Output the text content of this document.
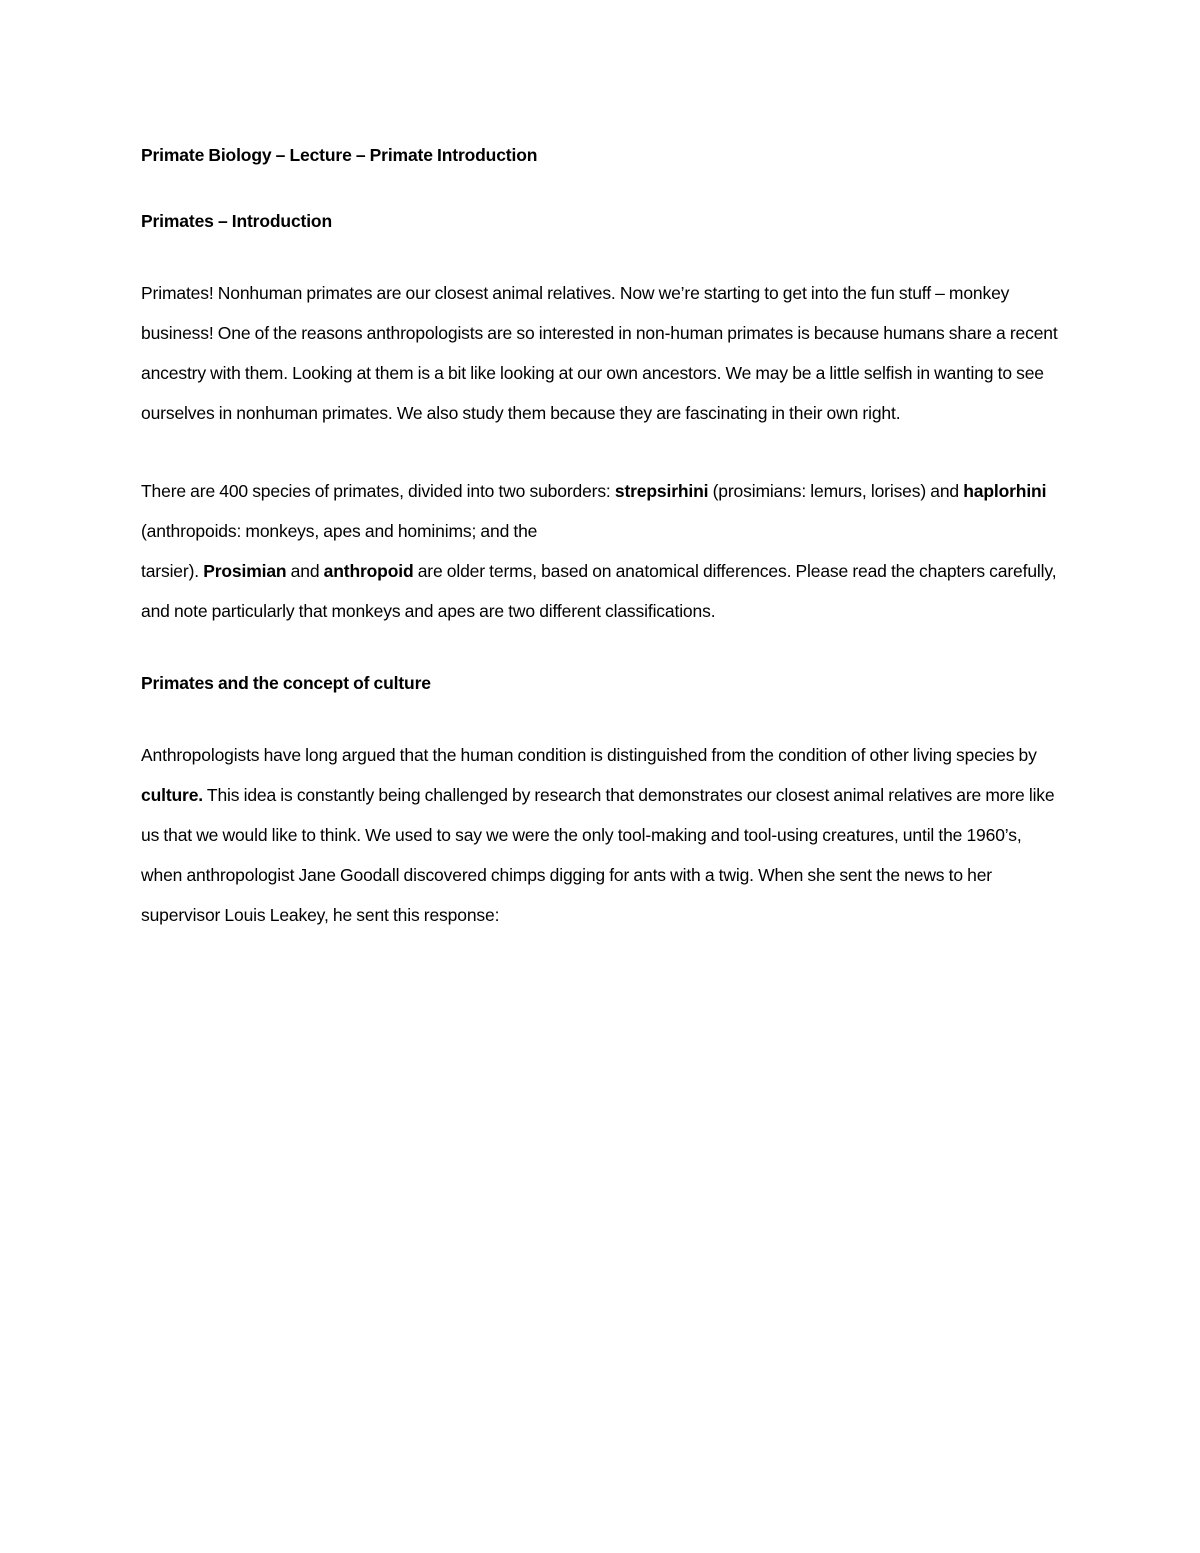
Primate Biology – Lecture – Primate Introduction

Primates – Introduction

Primates! Nonhuman primates are our closest animal relatives. Now we’re starting to get into the fun stuff – monkey business! One of the reasons anthropologists are so interested in non-human primates is because humans share a recent ancestry with them. Looking at them is a bit like looking at our own ancestors. We may be a little selfish in wanting to see ourselves in nonhuman primates. We also study them because they are fascinating in their own right.

There are 400 species of primates, divided into two suborders: strepsirhini (prosimians: lemurs, lorises) and haplorhini (anthropoids: monkeys, apes and hominims; and the
tarsier). Prosimian and anthropoid are older terms, based on anatomical differences. Please read the chapters carefully, and note particularly that monkeys and apes are two different classifications.

Primates and the concept of culture

Anthropologists have long argued that the human condition is distinguished from the condition of other living species by culture. This idea is constantly being challenged by research that demonstrates our closest animal relatives are more like us that we would like to think. We used to say we were the only tool-making and tool-using creatures, until the 1960’s, when anthropologist Jane Goodall discovered chimps digging for ants with a twig. When she sent the news to her supervisor Louis Leakey, he sent this response:
